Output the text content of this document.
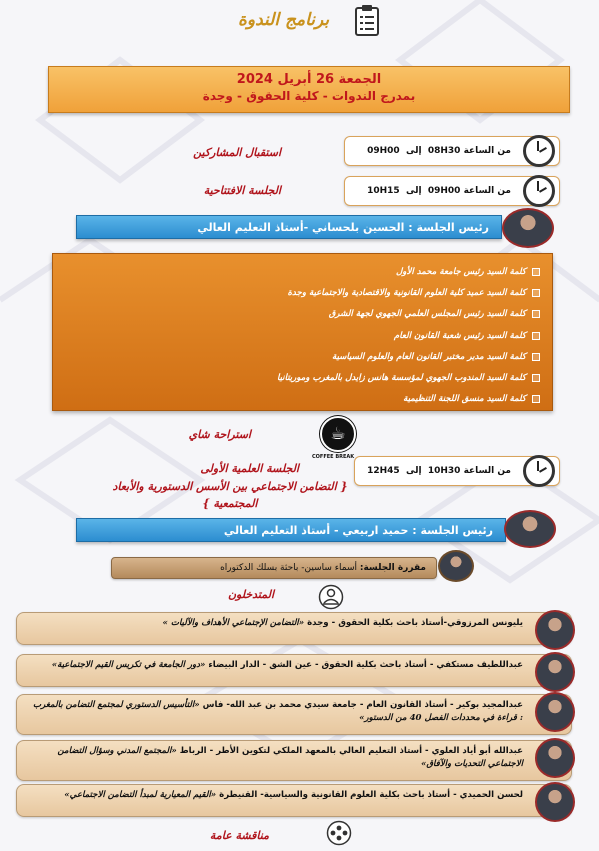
برنامج الندوة
الجمعة 26 أبريل 2024
بمدرج الندوات - كلية الحقوق - وجدة
استقبال المشاركين	من الساعة

08H30

إلى

09H00
الجلسة الافتتاحية	من الساعة

09H00

إلى

10H15
رئيس الجلسة :

الحسين بلحساني -أستاذ التعليم العالي
كلمة السيد رئيس جامعة محمد الأول
كلمة السيد عميد كلية العلوم القانونية والاقتصادية والاجتماعية وجدة
كلمة السيد رئيس المجلس العلمي الجهوي لجهة الشرق
كلمة السيد رئيس شعبة القانون العام
كلمة السيد مدير مختبر القانون العام والعلوم السياسية
كلمة السيد المندوب الجهوي لمؤسسة هانس زايدل بالمغرب وموريتانيا
كلمة السيد منسق اللجنة التنظيمية
☕
COFFEE BREAK
استراحة شاي
الجلسة العلمية الأولى
{ التضامن الاجتماعي بين الأسس الدستورية والأبعاد المجتمعية }
من الساعة

10H30

إلى

12H45
رئيس الجلسة :

حميد اربيعي - أستاذ التعليم العالي
مقررة الجلسة:

أسماء ساسين- باحثة بسلك الدكتوراه
المتدخلون
يليونس المرزوقي-أستاذ باحث بكلية الحقوق - وجدة «التضامن الإجتماعي الأهداف والآليات »
عبداللطيف مستكفي - أستاذ باحث بكلية الحقوق - عين الشق - الدار البيضاء «دور الجامعة في تكريس القيم الاجتماعية»
عبدالمجيد بوكير - أستاذ القانون العام - جامعة سيدي محمد بن عبد الله- فاس «التأسيس الدستوري لمجتمع التضامن بالمغرب : قراءة في محددات الفصل 40 من الدستور»
عبدالله أبو أياد العلوي - أستاذ التعليم العالي بالمعهد الملكي لتكوين الأطر - الرباط «المجتمع المدني وسؤال التضامن الاجتماعي التحديات والآفاق»
لحسن الحميدي - أستاذ باحث بكلية العلوم القانونية والسياسية- القنيطرة «القيم المعيارية لمبدأ التضامن الاجتماعي»
مناقشة عامة
